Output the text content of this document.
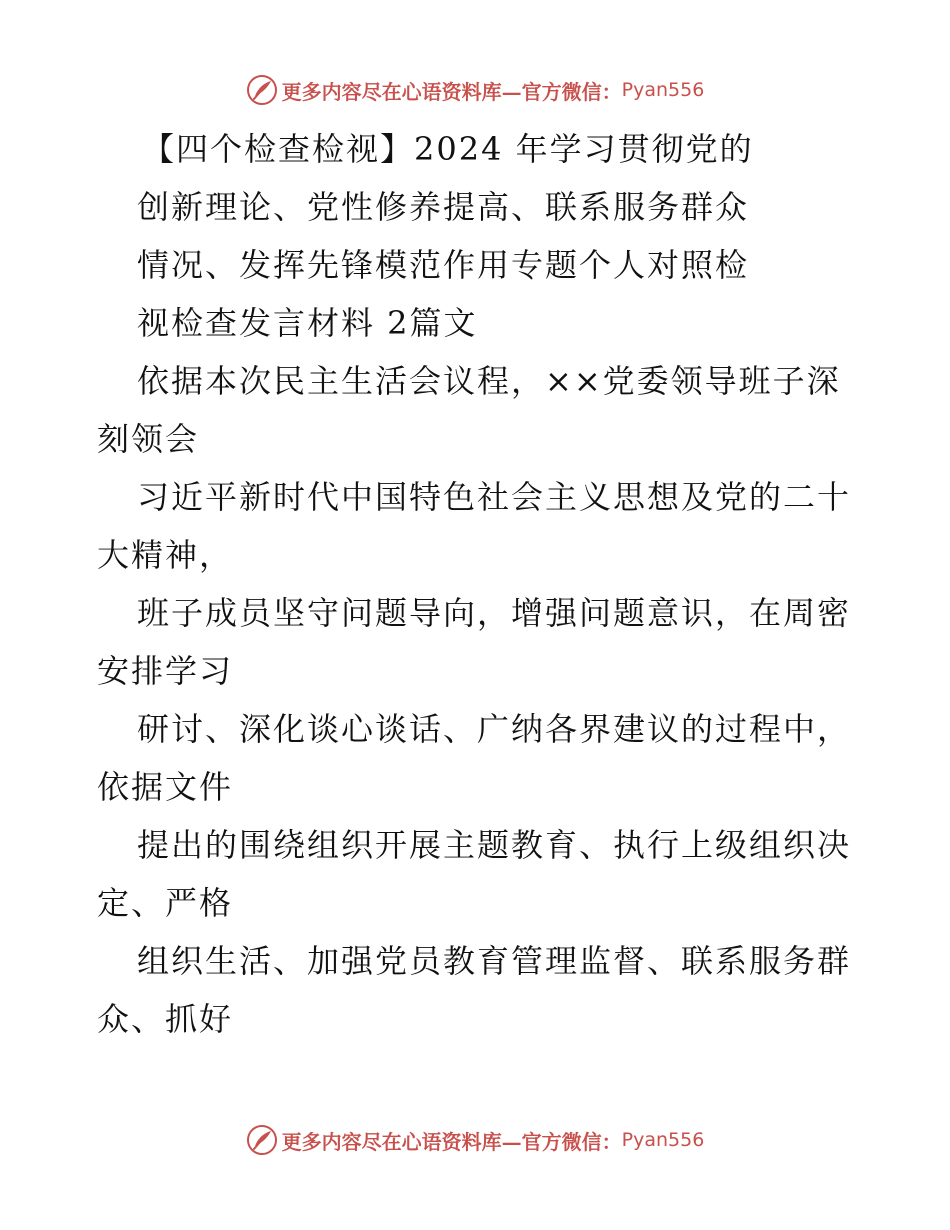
更多内容尽在心语资料库—官方微信： Pyan556
【四个检查检视】2024 年学习贯彻党的
创新理论、党性修养提高、联系服务群众
情况、发挥先锋模范作用专题个人对照检
视检查发言材料 2篇文

依据本次民主生活会议程，××党委领导班子深
刻领会

习近平新时代中国特色社会主义思想及党的二十
大精神，

班子成员坚守问题导向，增强问题意识，在周密
安排学习

研讨、深化谈心谈话、广纳各界建议的过程中，
依据文件

提出的围绕组织开展主题教育、执行上级组织决
定、严格

组织生活、加强党员教育管理监督、联系服务群
众、抓好

更多内容尽在心语资料库—官方微信： Pyan556
